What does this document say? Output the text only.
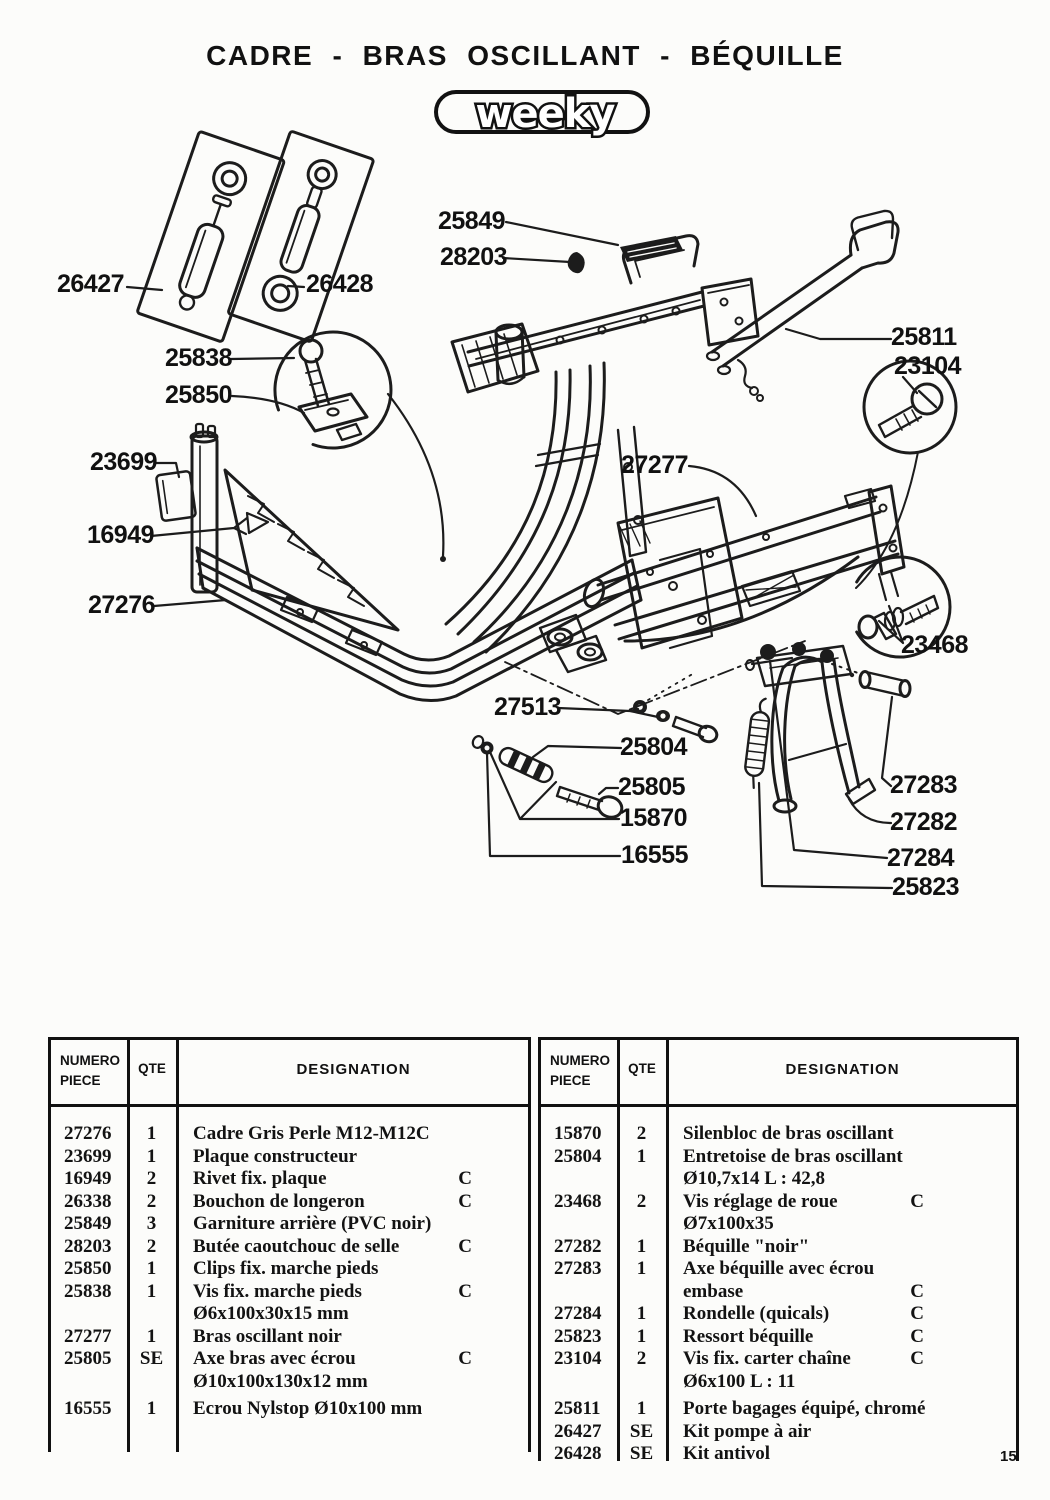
CADRE - BRAS OSCILLANT - BÉQUILLE
weeky
26427	26428
25849
28203
25838
25850
23699
16949
27276
27277
25811
23104
23468
27513
25804
25805
15870
16555
27283
27282
27284
25823
NUMERO
PIECE
QTE	DESIGNATION
27276	1	Cadre Gris Perle M12-M12C
23699	1	Plaque constructeur
16949	2	Rivet fix. plaque	C
26338	2	Bouchon de longeron	C
25849	3	Garniture arrière (PVC noir)
28203	2	Butée caoutchouc de selle	C
25850	1	Clips fix. marche pieds
25838	1	Vis fix. marche pieds	C
Ø6x100x30x15 mm
27277	1	Bras oscillant noir
25805	SE	Axe bras avec écrou	C
Ø10x100x130x12 mm
16555	1	Ecrou Nylstop Ø10x100 mm
NUMERO
PIECE
QTE	DESIGNATION
15870	2	Silenbloc de bras oscillant
25804	1	Entretoise de bras oscillant
Ø10,7x14 L : 42,8
23468	2	Vis réglage de roue	C
Ø7x100x35
27282	1	Béquille "noir"
27283	1	Axe béquille avec écrou
embase	C
27284	1	Rondelle (quicals)	C
25823	1	Ressort béquille	C
23104	2	Vis fix. carter chaîne	C
Ø6x100 L : 11
25811	1	Porte bagages équipé, chromé
26427	SE	Kit pompe à air
26428	SE	Kit antivol	15
